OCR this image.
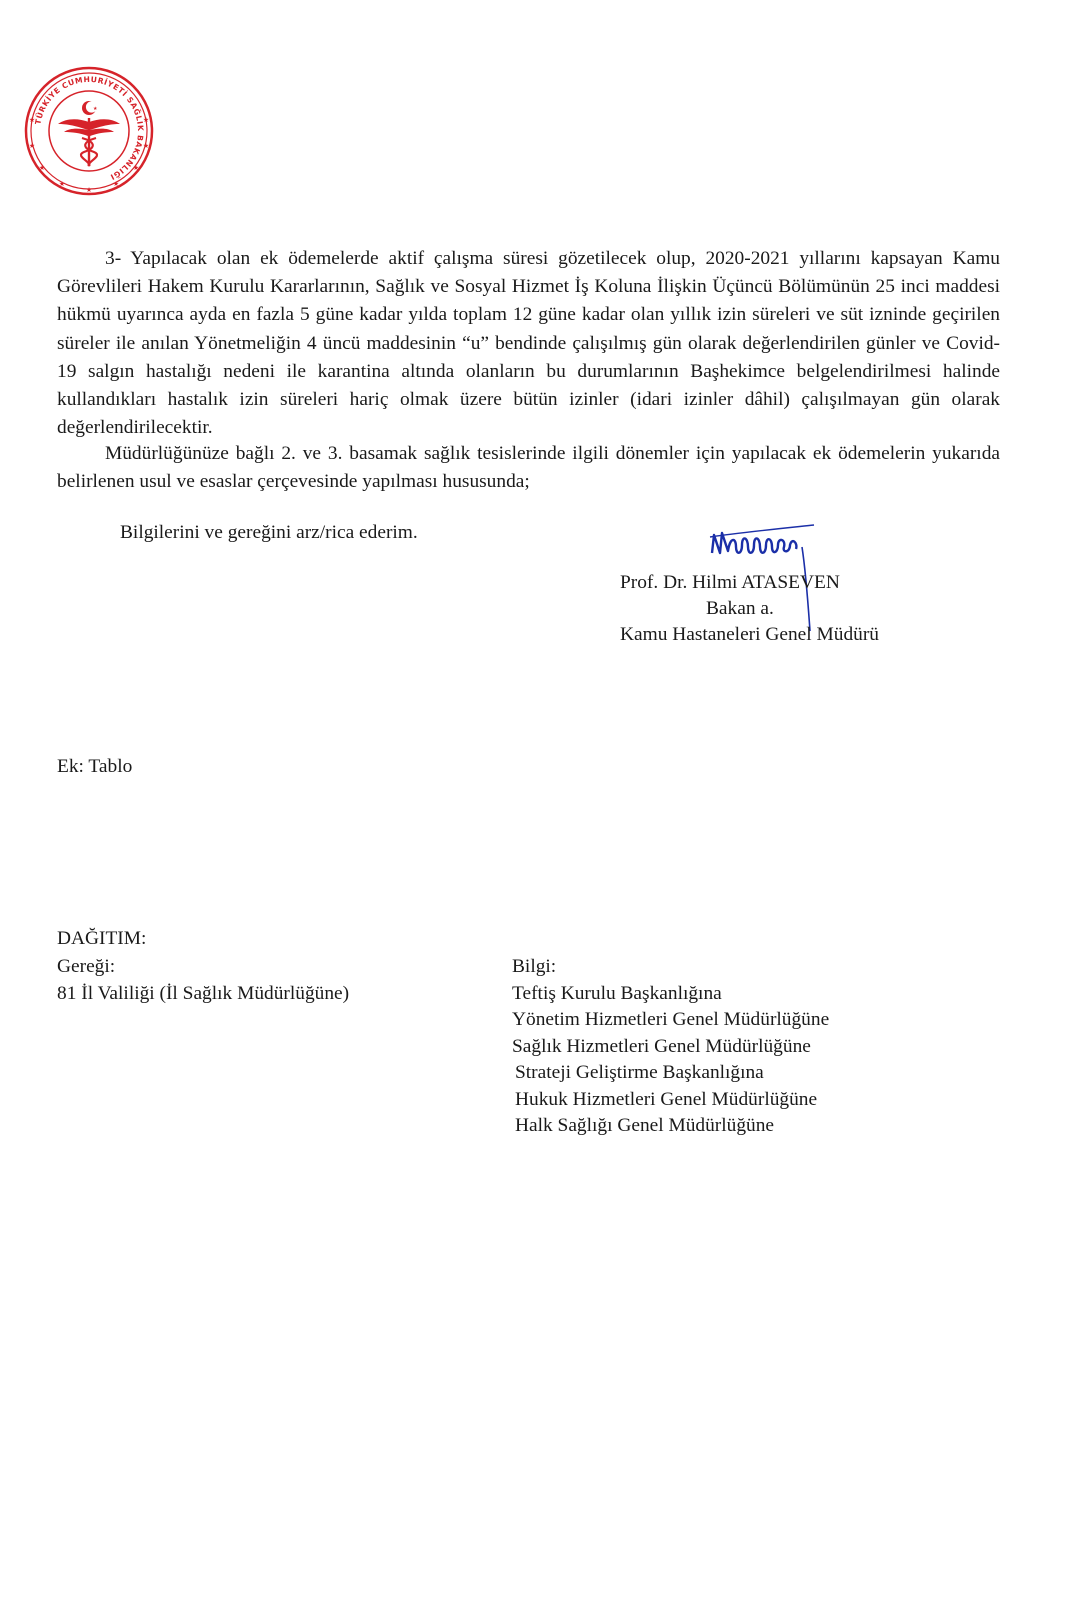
TÜRKİYE CUMHURİYETİ SAĞLIK BAKANLIĞI
★
★	★
★	★
★	★
★	★
★

3- Yapılacak olan ek ödemelerde aktif çalışma süresi gözetilecek olup, 2020-2021 yıllarını kapsayan Kamu Görevlileri Hakem Kurulu Kararlarının, Sağlık ve Sosyal Hizmet İş Koluna İlişkin Üçüncü Bölümünün 25 inci maddesi hükmü uyarınca ayda en fazla 5 güne kadar yılda toplam 12 güne kadar olan yıllık izin süreleri ve süt izninde geçirilen süreler ile anılan Yönetmeliğin 4 üncü maddesinin “u” bendinde çalışılmış gün olarak değerlendirilen günler ve Covid-19 salgın hastalığı nedeni ile karantina altında olanların bu durumlarının Başhekimce belgelendirilmesi halinde kullandıkları hastalık izin süreleri hariç olmak üzere bütün izinler (idari izinler dâhil) çalışılmayan gün olarak değerlendirilecektir.

Müdürlüğünüze bağlı 2. ve 3. basamak sağlık tesislerinde ilgili dönemler için yapılacak ek ödemelerin yukarıda belirlenen usul ve esaslar çerçevesinde yapılması hususunda;

Bilgilerini ve gereğini arz/rica ederim.

Prof. Dr. Hilmi ATASEVEN

Bakan a.

Kamu Hastaneleri Genel Müdürü

Ek: Tablo

DAĞITIM:

Gereği:
81 İl Valiliği (İl Sağlık Müdürlüğüne)
Bilgi:
Teftiş Kurulu Başkanlığına
Yönetim Hizmetleri Genel Müdürlüğüne
Sağlık Hizmetleri Genel Müdürlüğüne
Strateji Geliştirme Başkanlığına
Hukuk Hizmetleri Genel Müdürlüğüne
Halk Sağlığı Genel Müdürlüğüne
